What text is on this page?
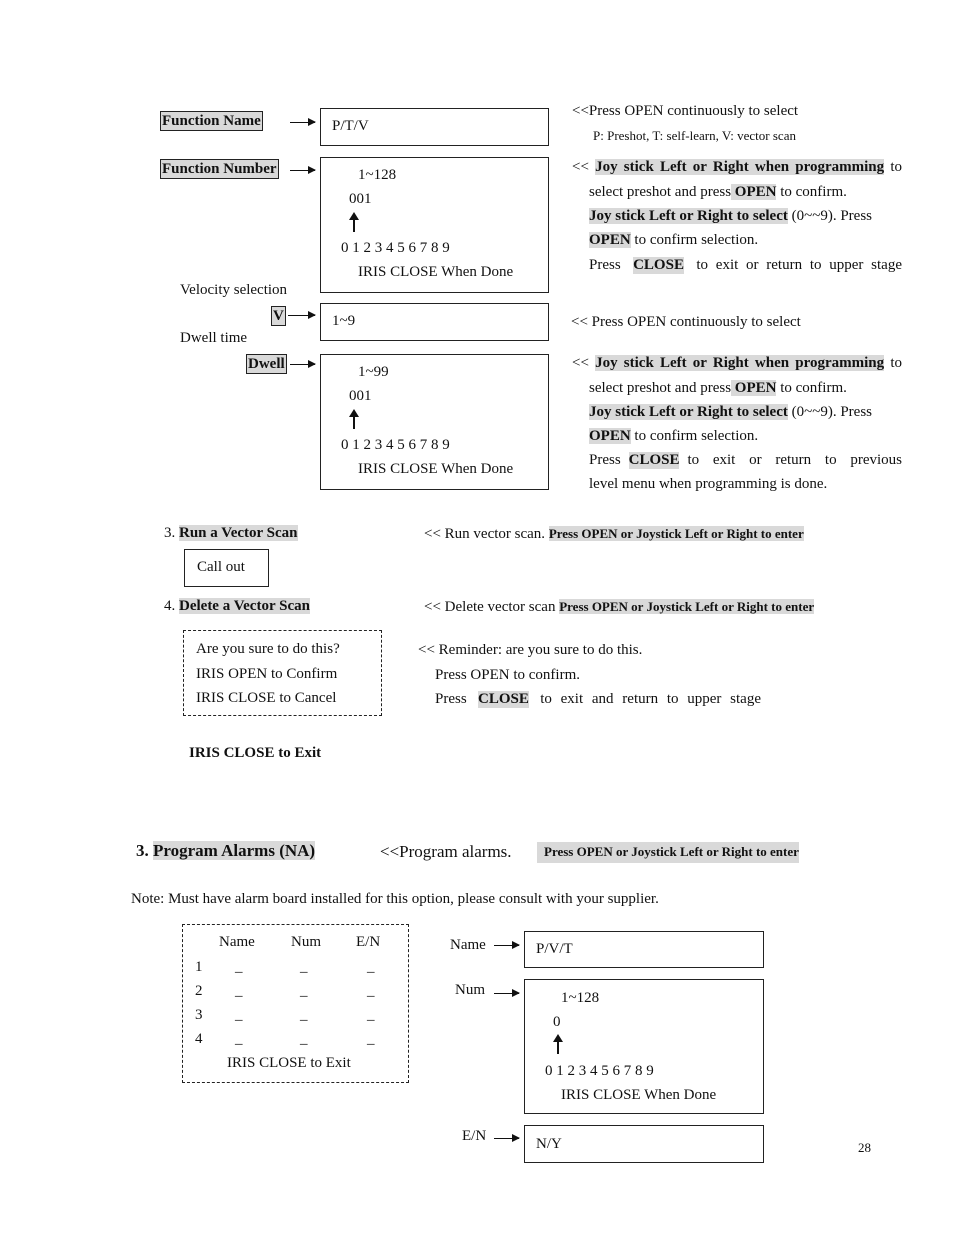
Function Name	P/T/V
<<Press OPEN continuously to select
P: Preshot, T: self-learn, V: vector scan
Function Number	1~128
001
0 1 2 3 4 5 6 7 8 9
IRIS CLOSE When Done
<< Joy stick Left or Right when programming to
select preshot and press OPEN to confirm.
Joy stick Left or Right to select (0~~9). Press
OPEN to confirm selection.
Press CLOSE to exit or return to upper stage
Velocity selection
V	1~9	<< Press OPEN continuously to select
Dwell time
Dwell	1~99
001
0 1 2 3 4 5 6 7 8 9
IRIS CLOSE When Done
<< Joy stick Left or Right when programming to
select preshot and press OPEN to confirm.
Joy stick Left or Right to select (0~~9). Press
OPEN to confirm selection.
Press CLOSE to exit or return to previous
level menu when programming is done.
3. Run a Vector Scan	<< Run vector scan. Press OPEN or Joystick Left or Right to enter
Call out
4. Delete a Vector Scan	<< Delete vector scan Press OPEN or Joystick Left or Right to enter
Are you sure to do this?
IRIS OPEN to Confirm
IRIS CLOSE to Cancel
<< Reminder: are you sure to do this.
Press OPEN to confirm.
Press CLOSE to exit and return to upper stage
IRIS CLOSE to Exit
3. Program Alarms (NA)	<<Program alarms.	Press OPEN or Joystick Left or Right to enter
Note: Must have alarm board installed for this option, please consult with your supplier.
Name Num E/N
1 _	_	_
2 _	_	_
3 _	_	_
4 _	_	_
IRIS CLOSE to Exit
Name	P/V/T
Num	1~128
0
0 1 2 3 4 5 6 7 8 9
IRIS CLOSE When Done
E/N	N/Y	28
